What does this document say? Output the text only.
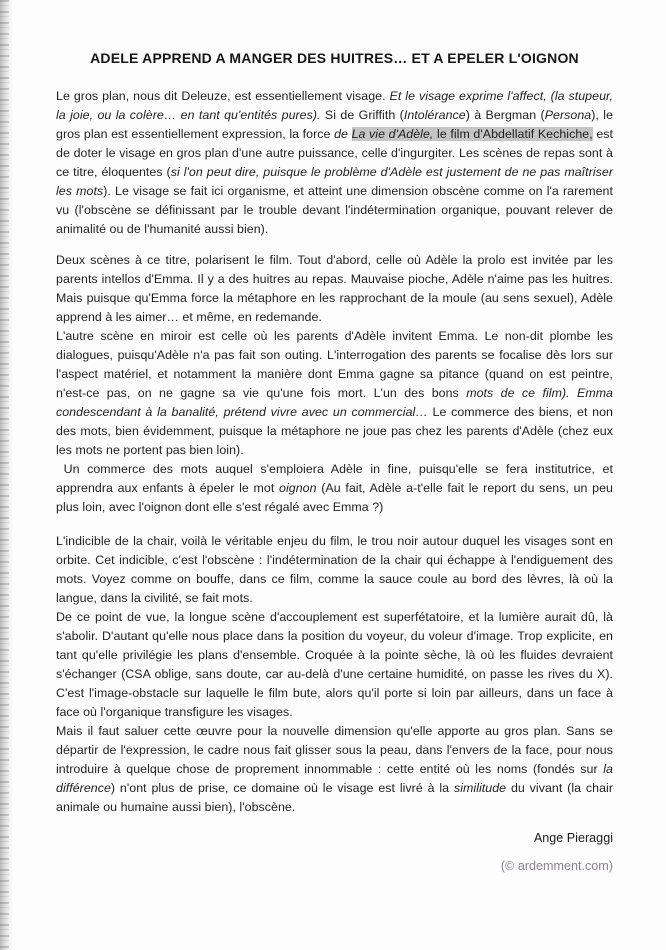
ADELE APPREND A MANGER DES HUITRES… ET A EPELER L'OIGNON

Le gros plan, nous dit Deleuze, est essentiellement visage. Et le visage exprime l'affect, (la stupeur, la joie, ou la colère… en tant qu'entités pures). Si de Griffith (Intolérance) à Bergman (Persona), le gros plan est essentiellement expression, la force de La vie d'Adèle, le film d'Abdellatif Kechiche, est de doter le visage en gros plan d'une autre puissance, celle d'ingurgiter. Les scènes de repas sont à ce titre, éloquentes (si l'on peut dire, puisque le problème d'Adèle est justement de ne pas maîtriser les mots). Le visage se fait ici organisme, et atteint une dimension obscène comme on l'a rarement vu (l'obscène se définissant par le trouble devant l'indétermination organique, pouvant relever de animalité ou de l'humanité aussi bien).

Deux scènes à ce titre, polarisent le film. Tout d'abord, celle où Adèle la prolo est invitée par les parents intellos d'Emma. Il y a des huitres au repas. Mauvaise pioche, Adèle n'aime pas les huitres. Mais puisque qu'Emma force la métaphore en les rapprochant de la moule (au sens sexuel), Adèle apprend à les aimer… et même, en redemande.
L'autre scène en miroir est celle où les parents d'Adèle invitent Emma. Le non-dit plombe les dialogues, puisqu'Adèle n'a pas fait son outing. L'interrogation des parents se focalise dès lors sur l'aspect matériel, et notamment la manière dont Emma gagne sa pitance (quand on est peintre, n'est-ce pas, on ne gagne sa vie qu'une fois mort. L'un des bons mots de ce film). Emma condescendant à la banalité, prétend vivre avec un commercial… Le commerce des biens, et non des mots, bien évidemment, puisque la métaphore ne joue pas chez les parents d'Adèle (chez eux les mots ne portent pas bien loin).
Un commerce des mots auquel s'emploiera Adèle in fine, puisqu'elle se fera institutrice, et apprendra aux enfants à épeler le mot oignon (Au fait, Adèle a-t'elle fait le report du sens, un peu plus loin, avec l'oignon dont elle s'est régalé avec Emma ?)

L'indicible de la chair, voilà le véritable enjeu du film, le trou noir autour duquel les visages sont en orbite. Cet indicible, c'est l'obscène : l'indétermination de la chair qui échappe à l'endiguement des mots. Voyez comme on bouffe, dans ce film, comme la sauce coule au bord des lèvres, là où la langue, dans la civilité, se fait mots.
De ce point de vue, la longue scène d'accouplement est superfétatoire, et la lumière aurait dû, là s'abolir. D'autant qu'elle nous place dans la position du voyeur, du voleur d'image. Trop explicite, en tant qu'elle privilégie les plans d'ensemble. Croquée à la pointe sèche, là où les fluides devraient s'échanger (CSA oblige, sans doute, car au-delà d'une certaine humidité, on passe les rives du X). C'est l'image-obstacle sur laquelle le film bute, alors qu'il porte si loin par ailleurs, dans un face à face où l'organique transfigure les visages.
Mais il faut saluer cette œuvre pour la nouvelle dimension qu'elle apporte au gros plan. Sans se départir de l'expression, le cadre nous fait glisser sous la peau, dans l'envers de la face, pour nous introduire à quelque chose de proprement innommable : cette entité où les noms (fondés sur la différence) n'ont plus de prise, ce domaine où le visage est livré à la similitude du vivant (la chair animale ou humaine aussi bien), l'obscène.

Ange Pieraggi
(© ardemment.com)
